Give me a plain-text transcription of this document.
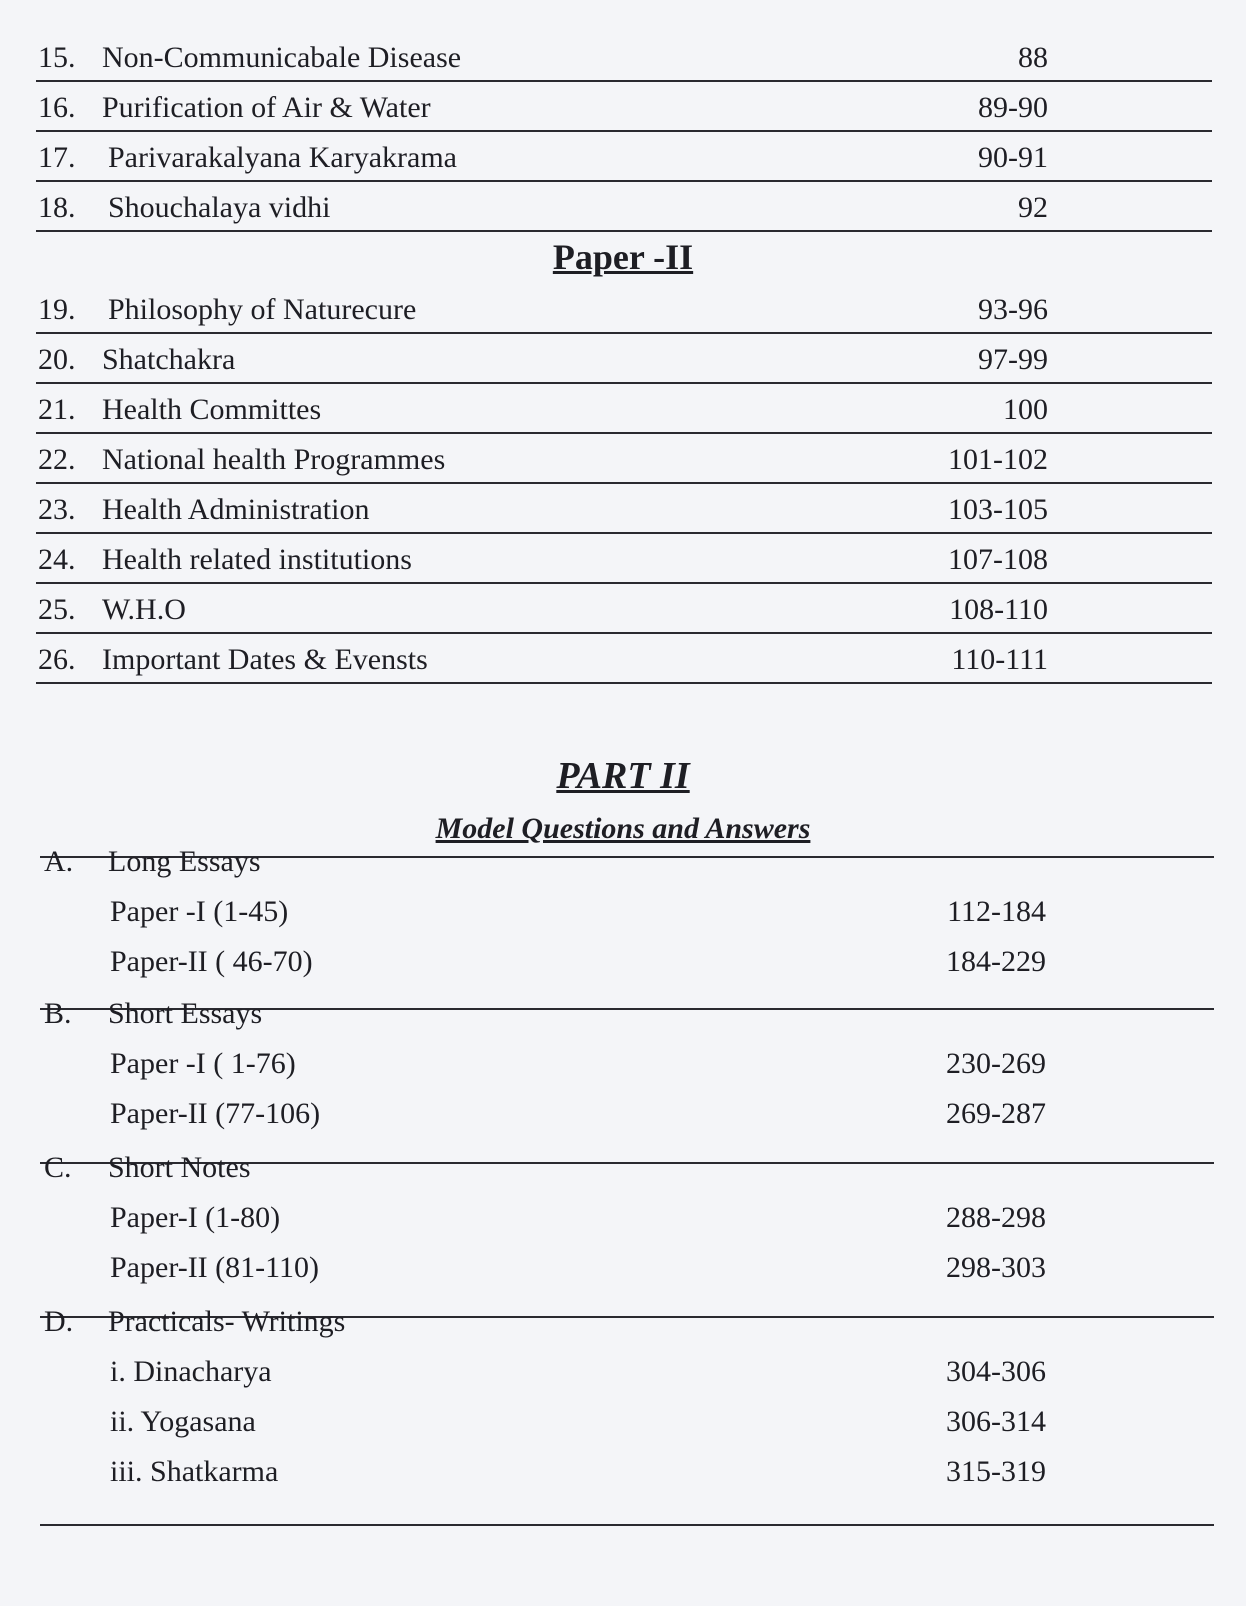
15. Non-Communicabale Disease	88
16. Purification of Air & Water	89-90
17. Parivarakalyana Karyakrama	90-91
18. Shouchalaya vidhi	92
Paper -II
19. Philosophy of Naturecure	93-96
20. Shatchakra	97-99
21. Health Committes	100
22. National health Programmes	101-102
23. Health Administration	103-105
24. Health related institutions	107-108
25. W.H.O	108-110
26. Important Dates & Evensts	110-111
PART II
Model Questions and Answers
A. Long Essays
Paper -I (1-45)	112-184
Paper-II ( 46-70)	184-229
B. Short Essays
Paper -I ( 1-76)	230-269
Paper-II (77-106)	269-287
C. Short Notes
Paper-I (1-80)	288-298
Paper-II (81-110)	298-303
D. Practicals- Writings
i. Dinacharya	304-306
ii. Yogasana	306-314
iii. Shatkarma	315-319
